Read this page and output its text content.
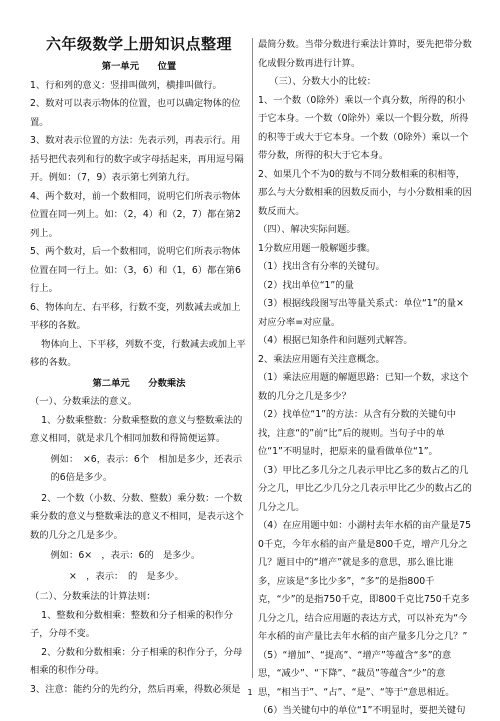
六年级数学上册知识点整理

第一单元　　位置

1、行和列的意义：竖排叫做列，横排叫做行。

2、数对可以表示物体的位置，也可以确定物体的位置。

3、数对表示位置的方法：先表示列，再表示行。用括号把代表列和行的数字或字母括起来，再用逗号隔开。例如：（7，9）表示第七列第九行。

4、两个数对，前一个数相同，说明它们所表示物体位置在同一列上。如：（2，4）和（2，7）都在第2列上。

5、两个数对，后一个数相同，说明它们所表示物体位置在同一行上。如：（3，6）和（1，6）都在第6行上。

6、物体向左、右平移，行数不变，列数减去或加上平移的各数。

物体向上、下平移，列数不变，行数减去或加上平移的各数。

第二单元　　分数乘法

（一）、分数乘法的意义。

1、分数乘整数：分数乘整数的意义与整数乘法的意义相同，就是求几个相同加数和得简便运算。

例如：　×6，表示：6个　相加是多少，还表示的6倍是多少。

2、一个数（小数、分数、整数）乘分数：一个数乘分数的意义与整数乘法的意义不相同，是表示这个数的几分之几是多少。

例如：6×　，表示：6的　是多少。

　　×　，表示：　的　是多少。

（二）、分数乘法的计算法则：

1、整数和分数相乘：整数和分子相乘的积作分子，分母不变。

2、分数和分数相乘：分子相乘的积作分子，分母相乘的积作分母。

3、注意：能约分的先约分，然后再乘，得数必须是

最简分数。当带分数进行乘法计算时，要先把带分数化成假分数再进行计算。

（三）、分数大小的比较：

1、一个数（0除外）乘以一个真分数，所得的积小于它本身。一个数（0除外）乘以一个假分数，所得的积等于或大于它本身。一个数（0除外）乘以一个带分数，所得的积大于它本身。

2、如果几个不为0的数与不同分数相乘的积相等，那么与大分数相乘的因数反而小，与小分数相乘的因数反而大。

（四）、解决实际问题。

1分数应用题一般解题步骤。

（1）找出含有分率的关键句。

（2）找出单位“1”的量

（3）根据线段图写出等量关系式：单位“1”的量×对应分率=对应量。

（4）根据已知条件和问题列式解答。

2、乘法应用题有关注意概念。

（1）乘法应用题的解题思路：已知一个数，求这个数的几分之几是多少？

（2）找单位“1”的方法：从含有分数的关键句中找，注意“的”前“比”后的规则。当句子中的单位“1”不明显时，把原来的量看做单位“1”。

（3）甲比乙多几分之几表示甲比乙多的数占乙的几分之几，甲比乙少几分之几表示甲比乙少的数占乙的几分之几。

（4）在应用题中如：小湖村去年水稻的亩产量是750千克，今年水稻的亩产量是800千克，增产几分之几？题目中的“增产”就是多的意思，那么谁比谁多，应该是“多比少多”，“多”的是指800千克，“少”的是指750千克，即800千克比750千克多几分之几，结合应用题的表达方式，可以补充为“今年水稻的亩产量比去年水稻的亩产量多几分之几？”

（5）“增加”、“提高”、“增产”等蕴含“多”的意思，“减少”、“下降”、“裁员”等蕴含“少”的意思，“相当于”、“占”、“是”、“等于”意思相近。

（6）当关键句中的单位“1”不明显时，要把关键句

1
